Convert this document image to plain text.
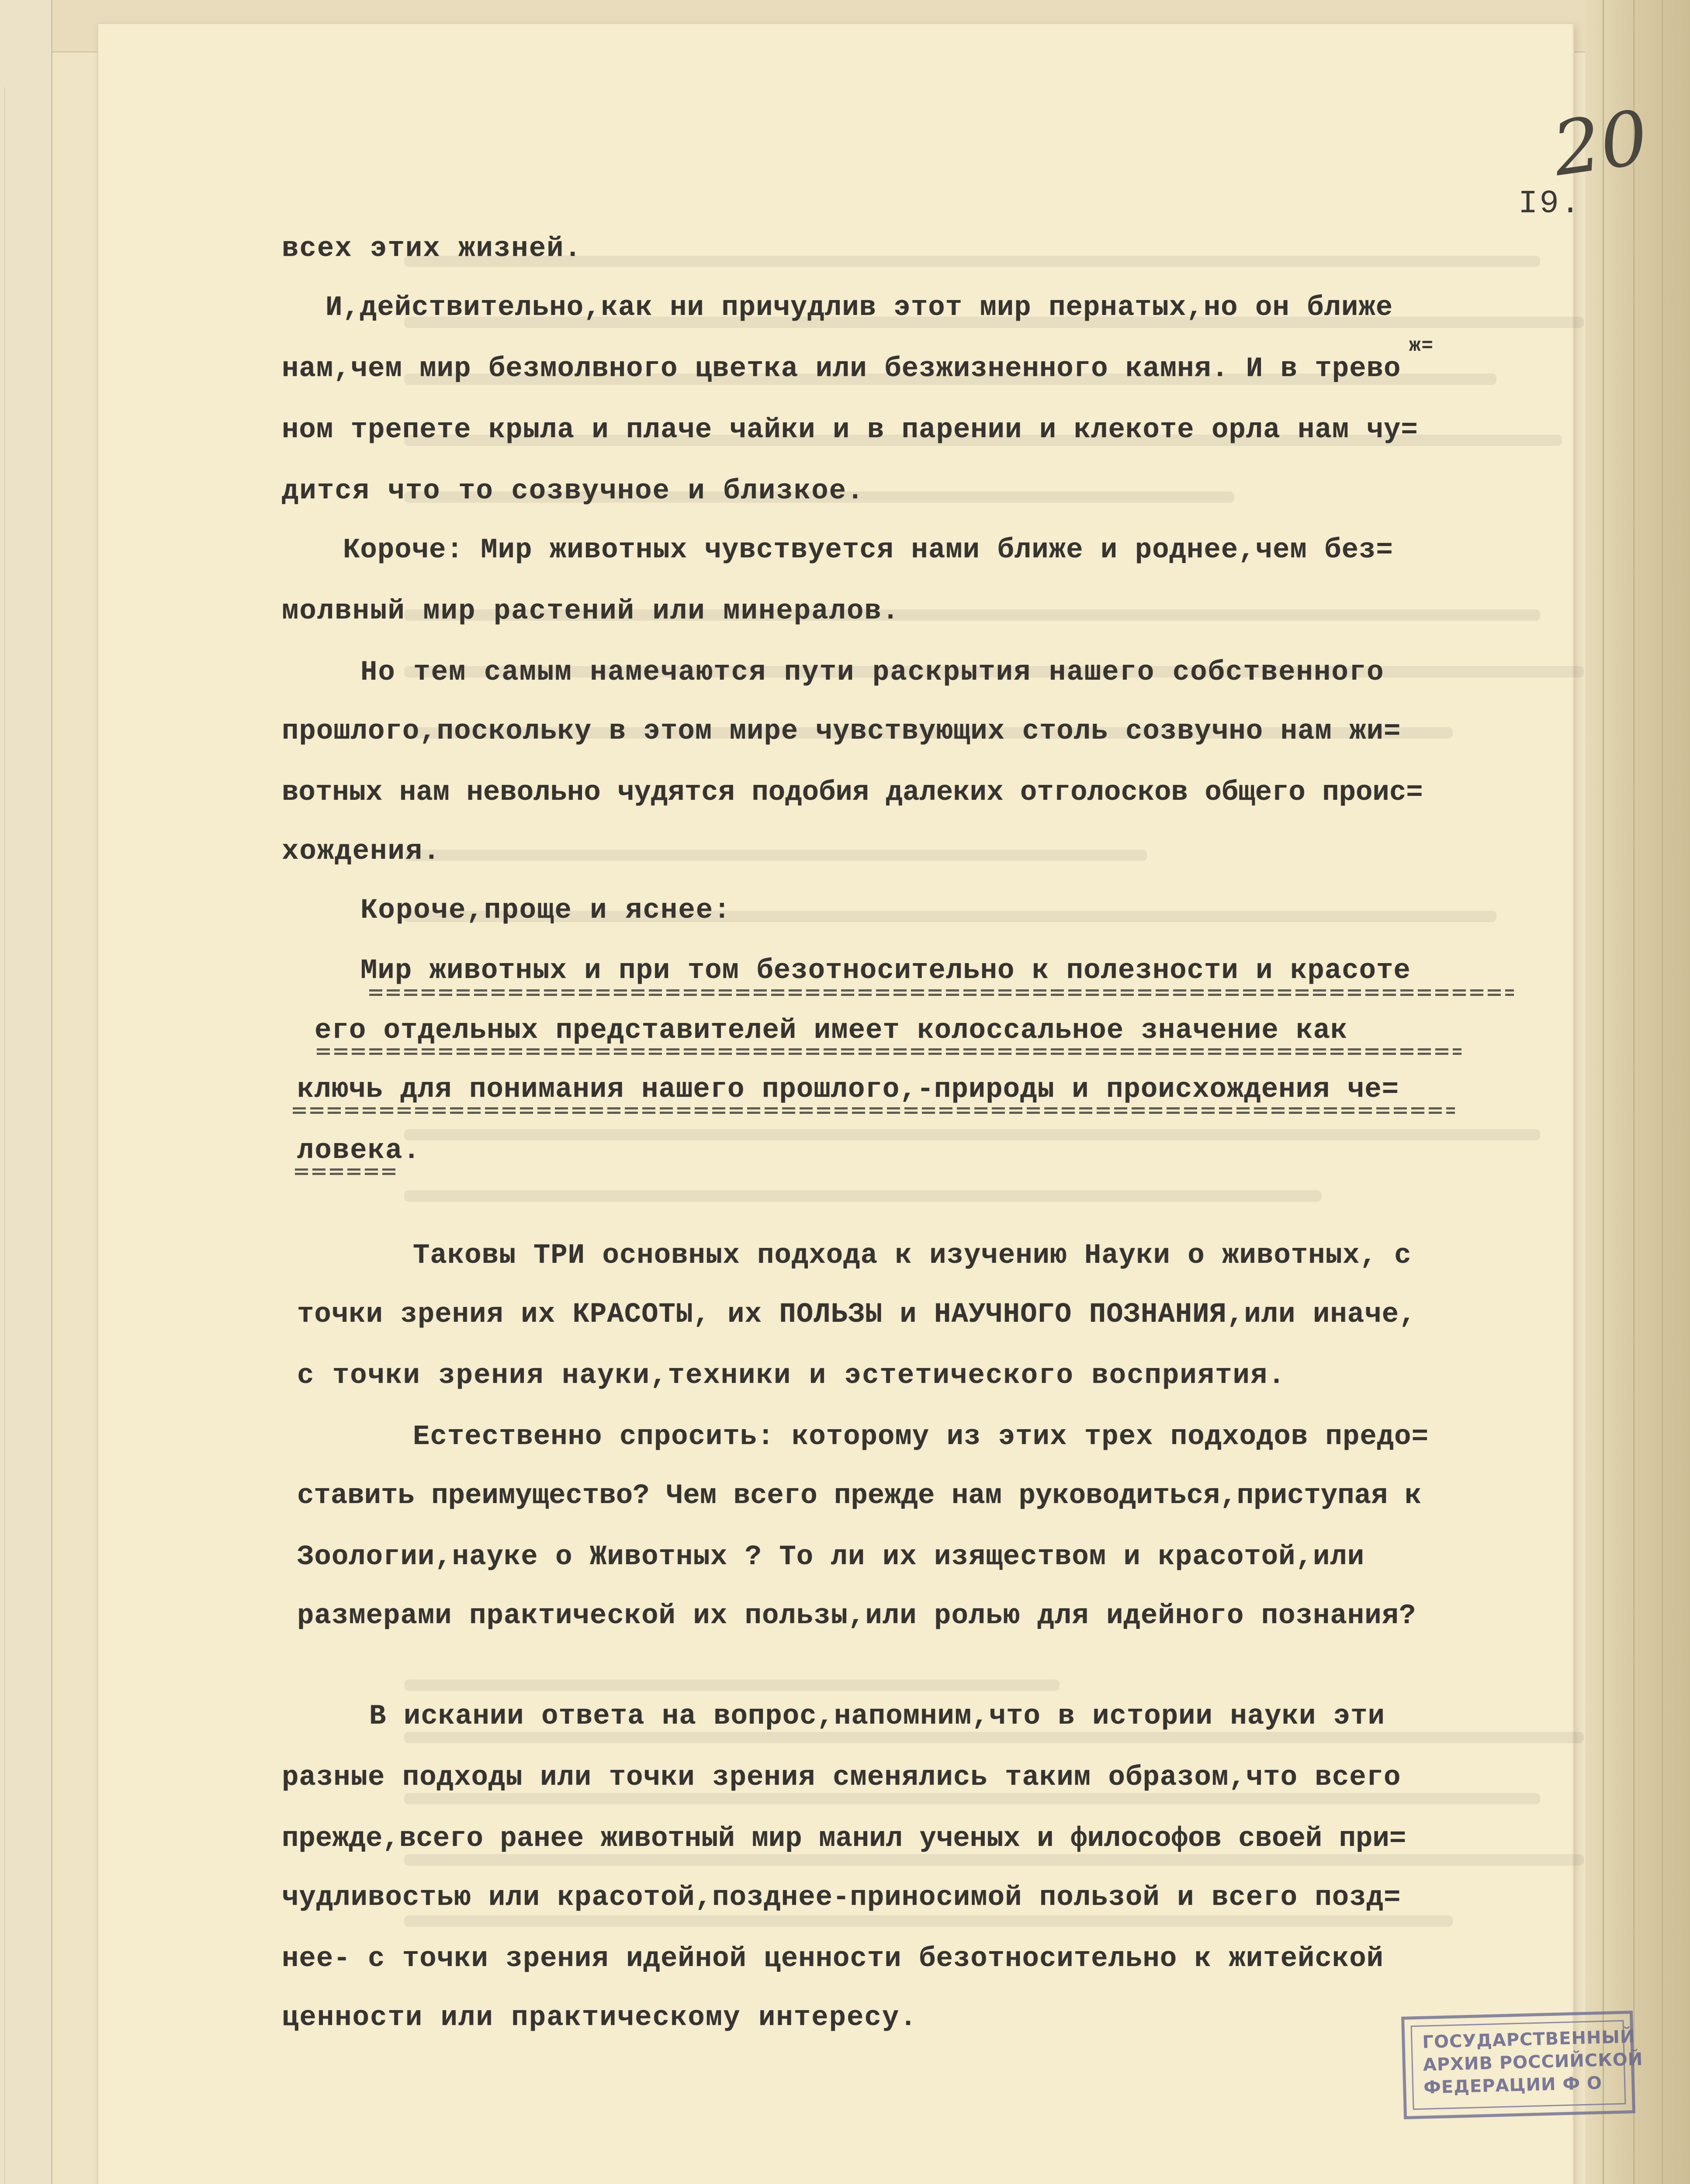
20
I9.
всех этих жизней.
И,действительно,как ни причудлив этот мир пернатых,но он ближе
нам,чем мир безмолвного цветка или безжизненного камня. И в трево
ж=
ном трепете крыла и плаче чайки и в парении и клекоте орла нам чу=
дится что то созвучное и близкое.
Короче: Мир животных чувствуется нами ближе и роднее,чем без=
молвный мир растений или минералов.
Но тем самым намечаются пути раскрытия нашего собственного
прошлого,поскольку в этом мире чувствующих столь созвучно нам жи=
вотных нам невольно чудятся подобия далеких отголосков общего проис=
хождения.
Короче,проще и яснее:
Мир животных и при том безотносительно к полезности и красоте
его отдельных представителей имеет колоссальное значение как
ключь для понимания нашего прошлого,-природы и происхождения че=
ловека.
Таковы ТРИ основных подхода к изучению Науки о животных, с
точки зрения их КРАСОТЫ, их ПОЛЬЗЫ и НАУЧНОГО ПОЗНАНИЯ,или иначе,
с точки зрения науки,техники и эстетического восприятия.
Естественно спросить: которому из этих трех подходов предо=
ставить преимущество? Чем всего прежде нам руководиться,приступая к
Зоологии,науке о Животных ? То ли их изяществом и красотой,или
размерами практической их пользы,или ролью для идейного познания?
В искании ответа на вопрос,напомним,что в истории науки эти
разные подходы или точки зрения сменялись таким образом,что всего
прежде,всего ранее животный мир манил ученых и философов своей при=
чудливостью или красотой,позднее-приносимой пользой и всего позд=
нее- с точки зрения идейной ценности безотносительно к житейской
ценности или практическому интересу.
ГОСУДАРСТВЕННЫЙ
АРХИВ РОССИЙСКОЙ
ФЕДЕРАЦИИ Ф О
